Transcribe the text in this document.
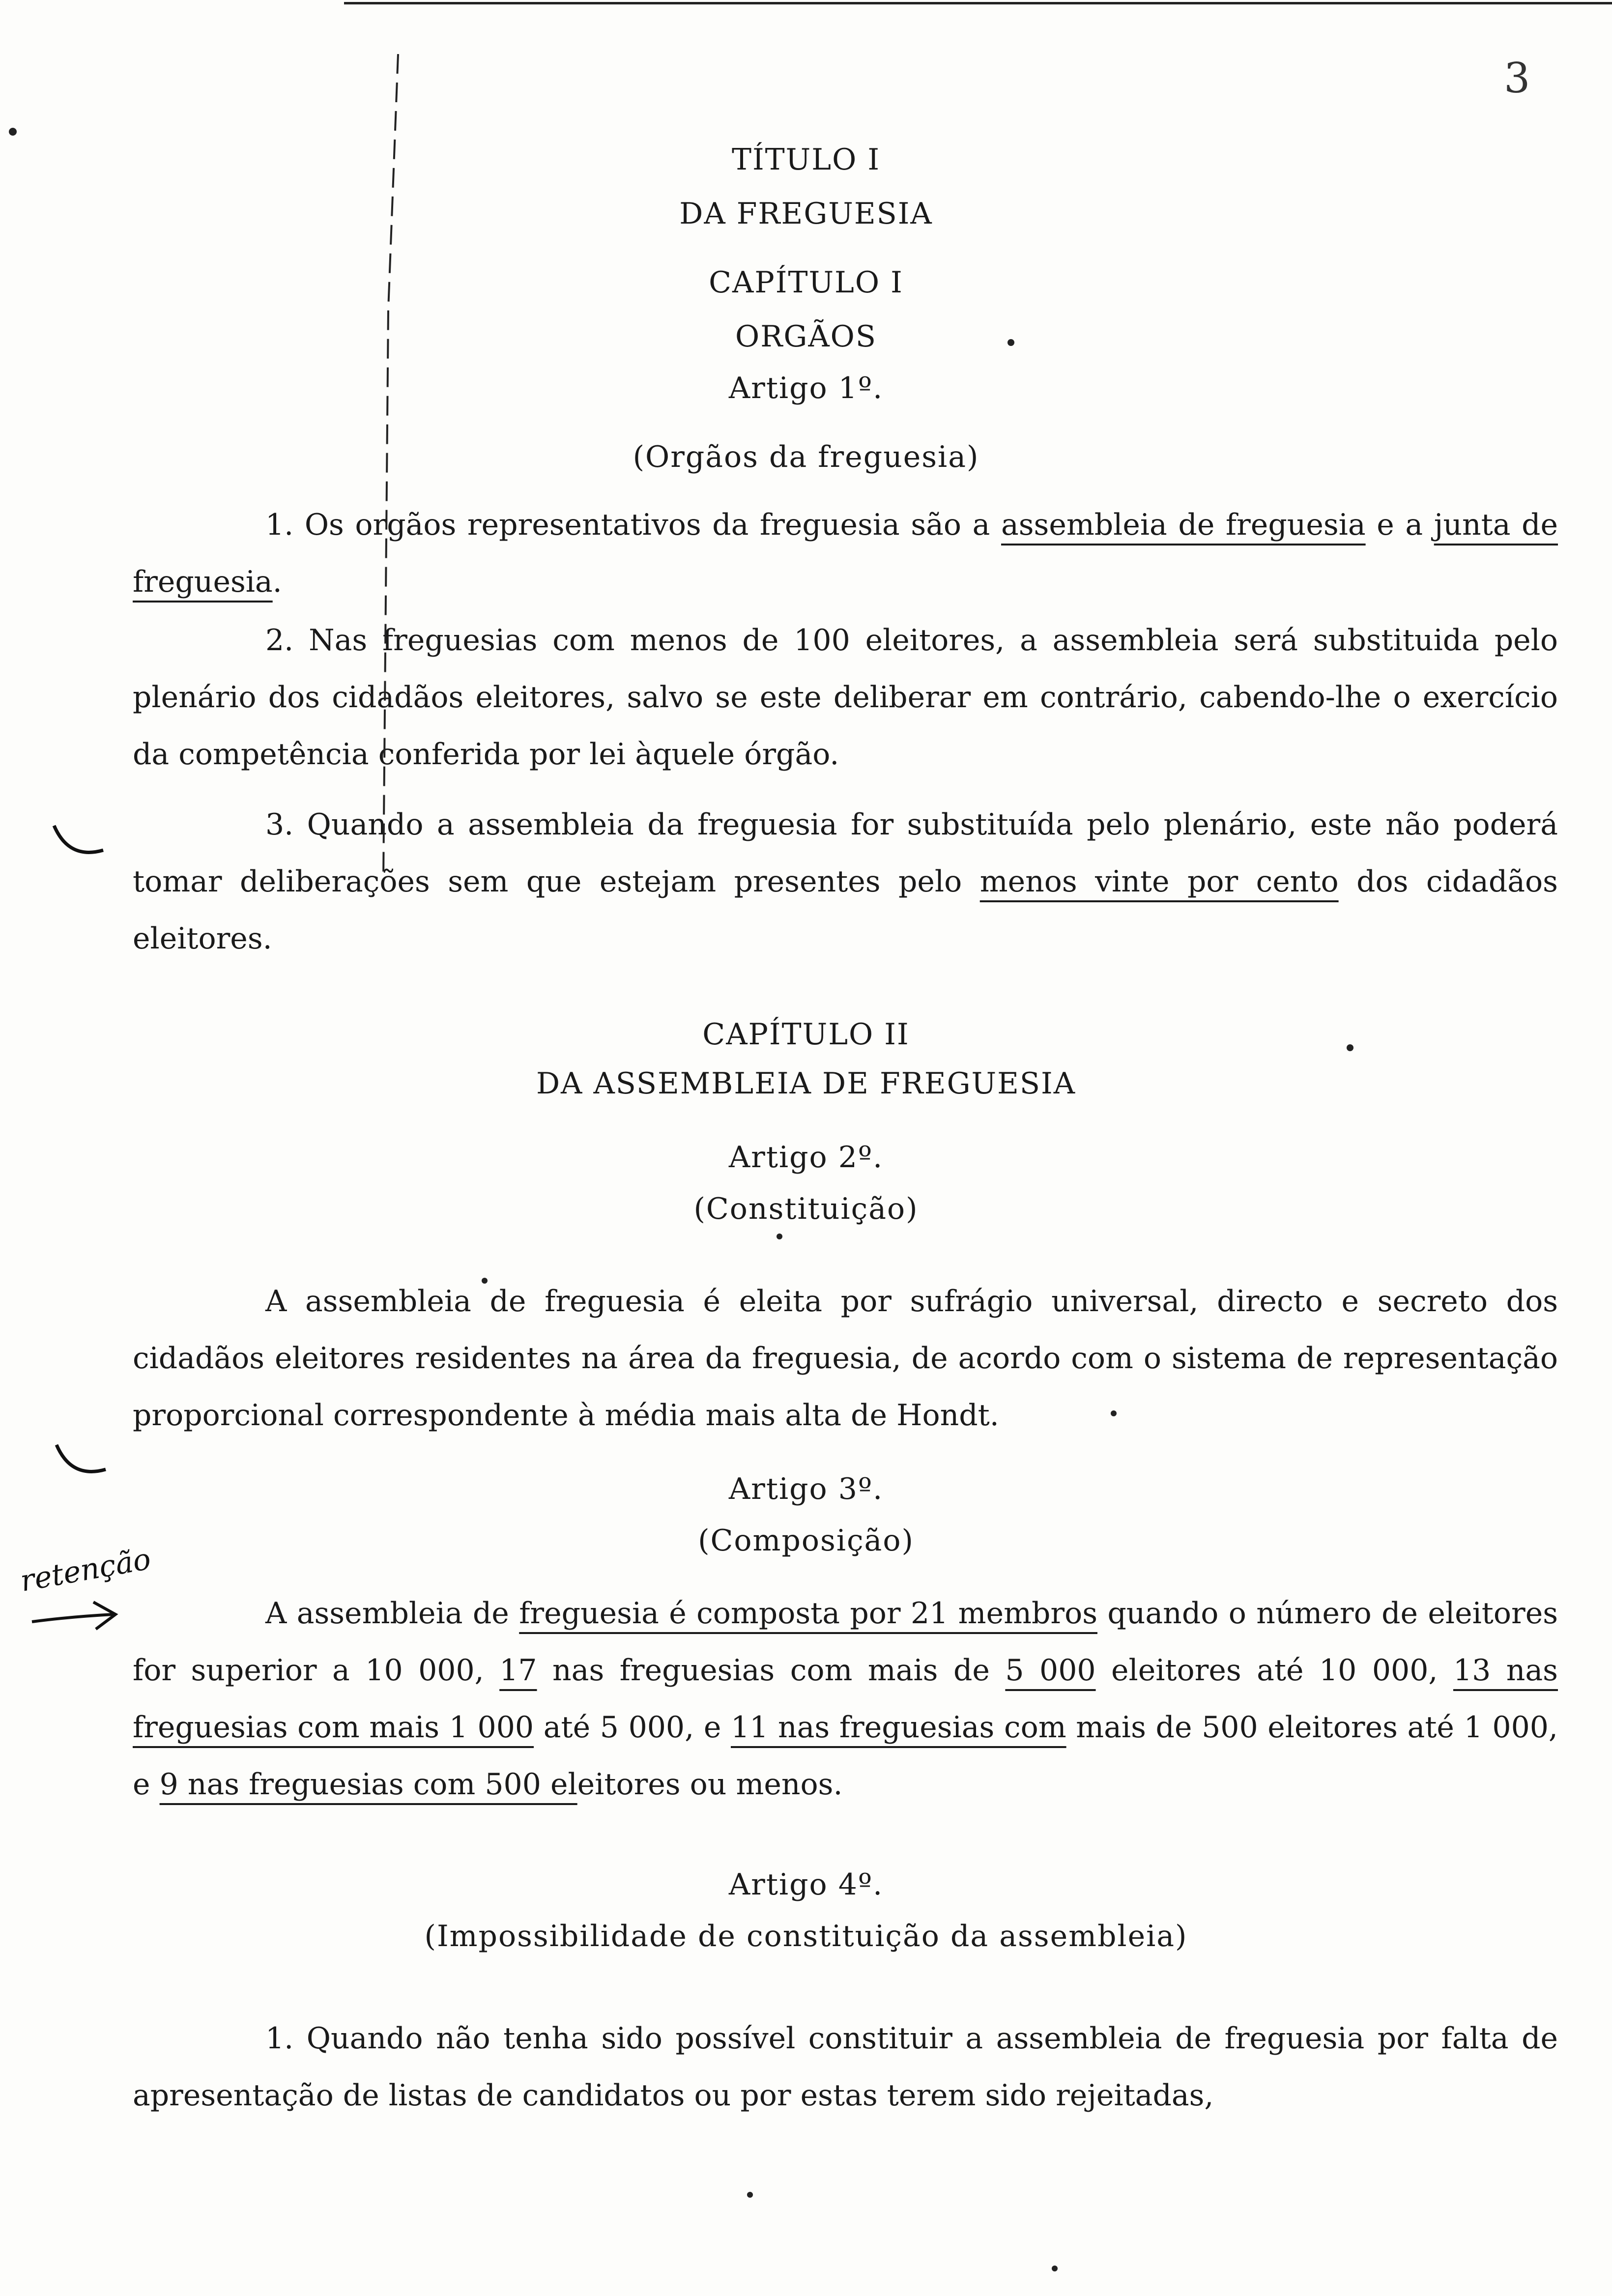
3
TÍTULO I
DA FREGUESIA
CAPÍTULO I
ORGÃOS
Artigo 1º.
(Orgãos da freguesia)
1. Os orgãos representativos da freguesia são a assembleia de freguesia e a junta de freguesia.
2. Nas freguesias com menos de 100 eleitores, a assembleia será substituida pelo plenário dos cidadãos eleitores, salvo se este deliberar em contrário, cabendo-lhe o exercício da competência conferida por lei àquele órgão.
3. Quando a assembleia da freguesia for substituída pelo plenário, este não poderá tomar deliberações sem que estejam presentes pelo menos vinte por cento dos cidadãos eleitores.
CAPÍTULO II
DA ASSEMBLEIA DE FREGUESIA
Artigo 2º.
(Constituição)
A assembleia de freguesia é eleita por sufrágio universal, directo e secreto dos cidadãos eleitores residentes na área da freguesia, de acordo com o sistema de representação proporcional correspondente à média mais alta de Hondt.
Artigo 3º.
(Composição)
A assembleia de freguesia é composta por 21 membros quando o número de eleitores for superior a 10 000, 17 nas freguesias com mais de 5 000 eleitores até 10 000, 13 nas freguesias com mais 1 000 até 5 000, e 11 nas freguesias com mais de 500 eleitores até 1 000, e 9 nas freguesias com 500 eleitores ou menos.
Artigo 4º.
(Impossibilidade de constituição da assembleia)
1. Quando não tenha sido possível constituir a assembleia de freguesia por falta de apresentação de listas de candidatos ou por estas terem sido rejeitadas,
retenção
